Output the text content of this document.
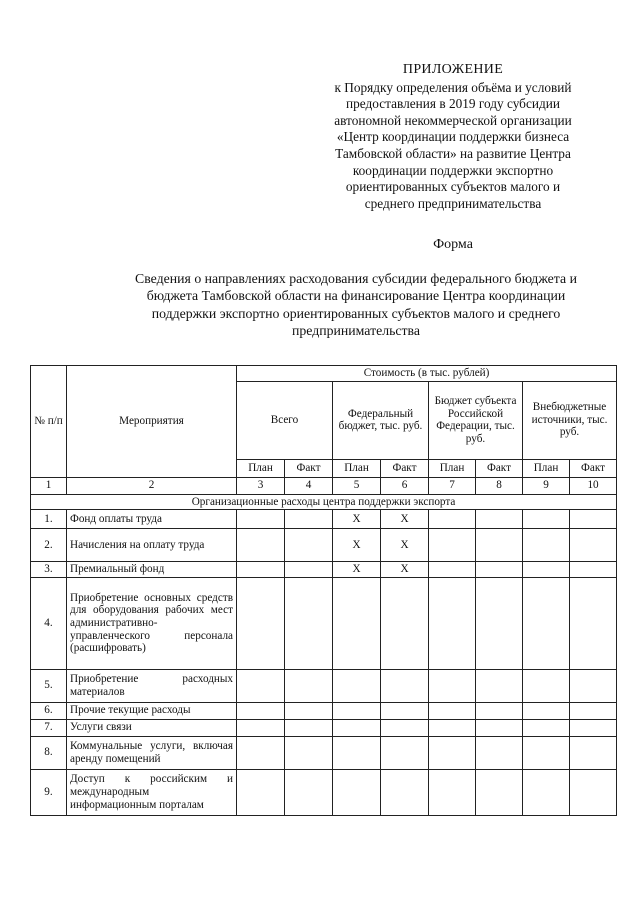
ПРИЛОЖЕНИЕ
к Порядку определения объёма и условий
предоставления в 2019 году субсидии
автономной некоммерческой организации
«Центр координации поддержки бизнеса
Тамбовской области» на развитие Центра
координации поддержки экспортно
ориентированных субъектов малого и
среднего предпринимательства
Форма
Сведения о направлениях расходования субсидии федерального бюджета и
бюджета Тамбовской области на финансирование Центра координации
поддержки экспортно ориентированных субъектов малого и среднего
предпринимательства
№ п/п	Мероприятия	Стоимость (в тыс. рублей)							
		Всего		Федеральный бюджет, тыс. руб.		Бюджет субъекта Российской Федерации, тыс. руб.		Внебюджетные источники, тыс. руб.	
		План	Факт	План	Факт	План	Факт	План	Факт
1	2	3	4	5	6	7	8	9	10
Организационные расходы центра поддержки экспорта									
1.	Фонд оплаты труда			X	X				
2.	Начисления на оплату труда			X	X				
3.	Премиальный фонд			X	X				
4.	Приобретение основных средств для оборудования рабочих мест административно-управленческого персонала (расшифровать)								
5.	Приобретение расходных материалов								
6.	Прочие текущие расходы								
7.	Услуги связи								
8.	Коммунальные услуги, включая аренду помещений								
9.	Доступ к российским и международным информационным порталам								
